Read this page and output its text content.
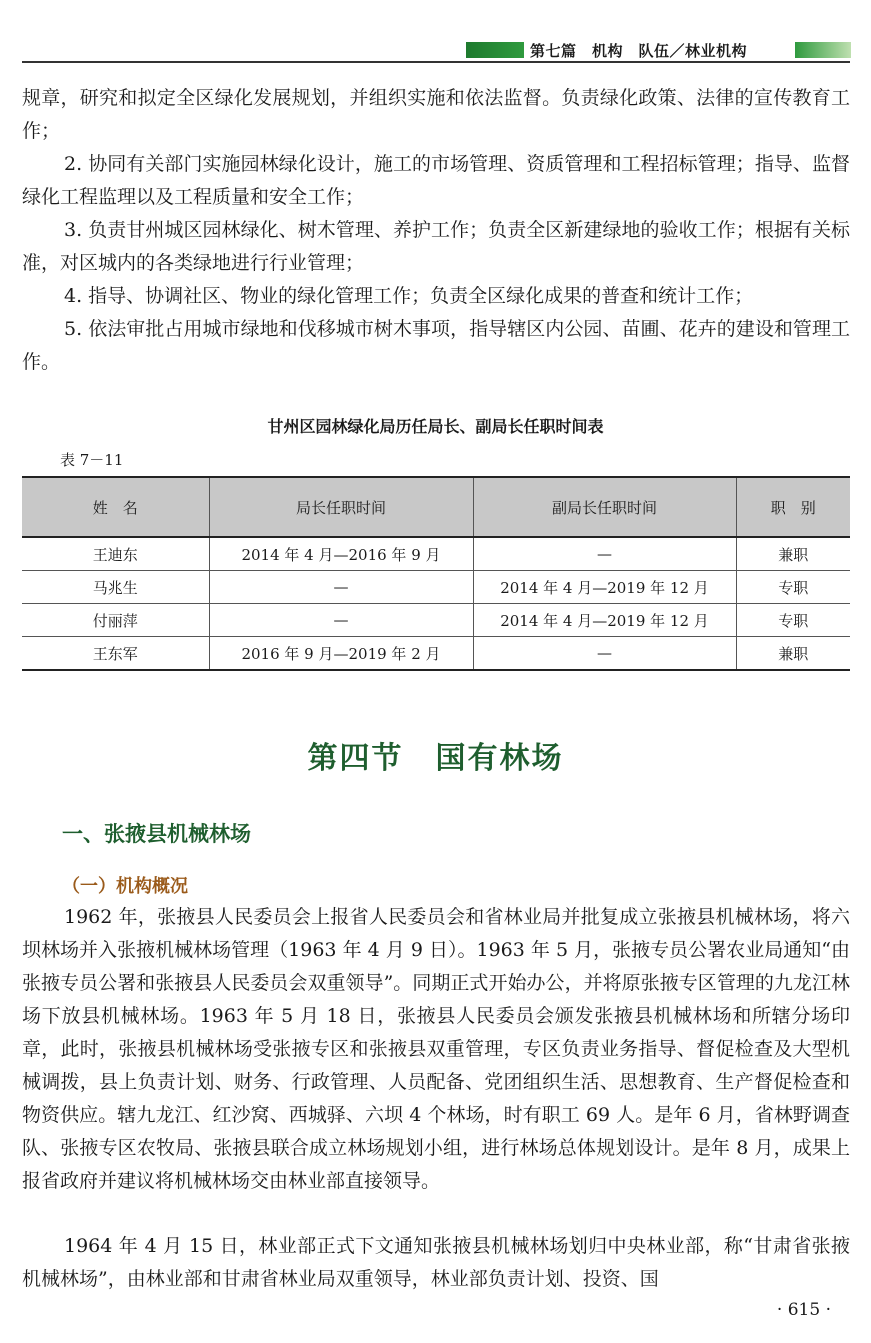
第七篇　机构　队伍／林业机构

规章，研究和拟定全区绿化发展规划，并组织实施和依法监督。负责绿化政策、法律的宣传教育工作；

2. 协同有关部门实施园林绿化设计，施工的市场管理、资质管理和工程招标管理；指导、监督绿化工程监理以及工程质量和安全工作；

3. 负责甘州城区园林绿化、树木管理、养护工作；负责全区新建绿地的验收工作；根据有关标准，对区城内的各类绿地进行行业管理；

4. 指导、协调社区、物业的绿化管理工作；负责全区绿化成果的普查和统计工作；

5. 依法审批占用城市绿地和伐移城市树木事项，指导辖区内公园、苗圃、花卉的建设和管理工作。

甘州区园林绿化局历任局长、副局长任职时间表
表 7－11
姓　名	局长任职时间	副局长任职时间	职　别
王迪东	2014 年 4 月—2016 年 9 月	—	兼职
马兆生	—	2014 年 4 月—2019 年 12 月	专职
付丽萍	—	2014 年 4 月—2019 年 12 月	专职
王东军	2016 年 9 月—2019 年 2 月	—	兼职
第四节　国有林场
一、张掖县机械林场
（一）机构概况

1962 年，张掖县人民委员会上报省人民委员会和省林业局并批复成立张掖县机械林场，将六坝林场并入张掖机械林场管理（1963 年 4 月 9 日）。1963 年 5 月，张掖专员公署农业局通知“由张掖专员公署和张掖县人民委员会双重领导”。同期正式开始办公，并将原张掖专区管理的九龙江林场下放县机械林场。1963 年 5 月 18 日，张掖县人民委员会颁发张掖县机械林场和所辖分场印章，此时，张掖县机械林场受张掖专区和张掖县双重管理，专区负责业务指导、督促检查及大型机械调拨，县上负责计划、财务、行政管理、人员配备、党团组织生活、思想教育、生产督促检查和物资供应。辖九龙江、红沙窝、西城驿、六坝 4 个林场，时有职工 69 人。是年 6 月，省林野调查队、张掖专区农牧局、张掖县联合成立林场规划小组，进行林场总体规划设计。是年 8 月，成果上报省政府并建议将机械林场交由林业部直接领导。

1964 年 4 月 15 日，林业部正式下文通知张掖县机械林场划归中央林业部，称“甘肃省张掖机械林场”，由林业部和甘肃省林业局双重领导，林业部负责计划、投资、国

· 615 ·
